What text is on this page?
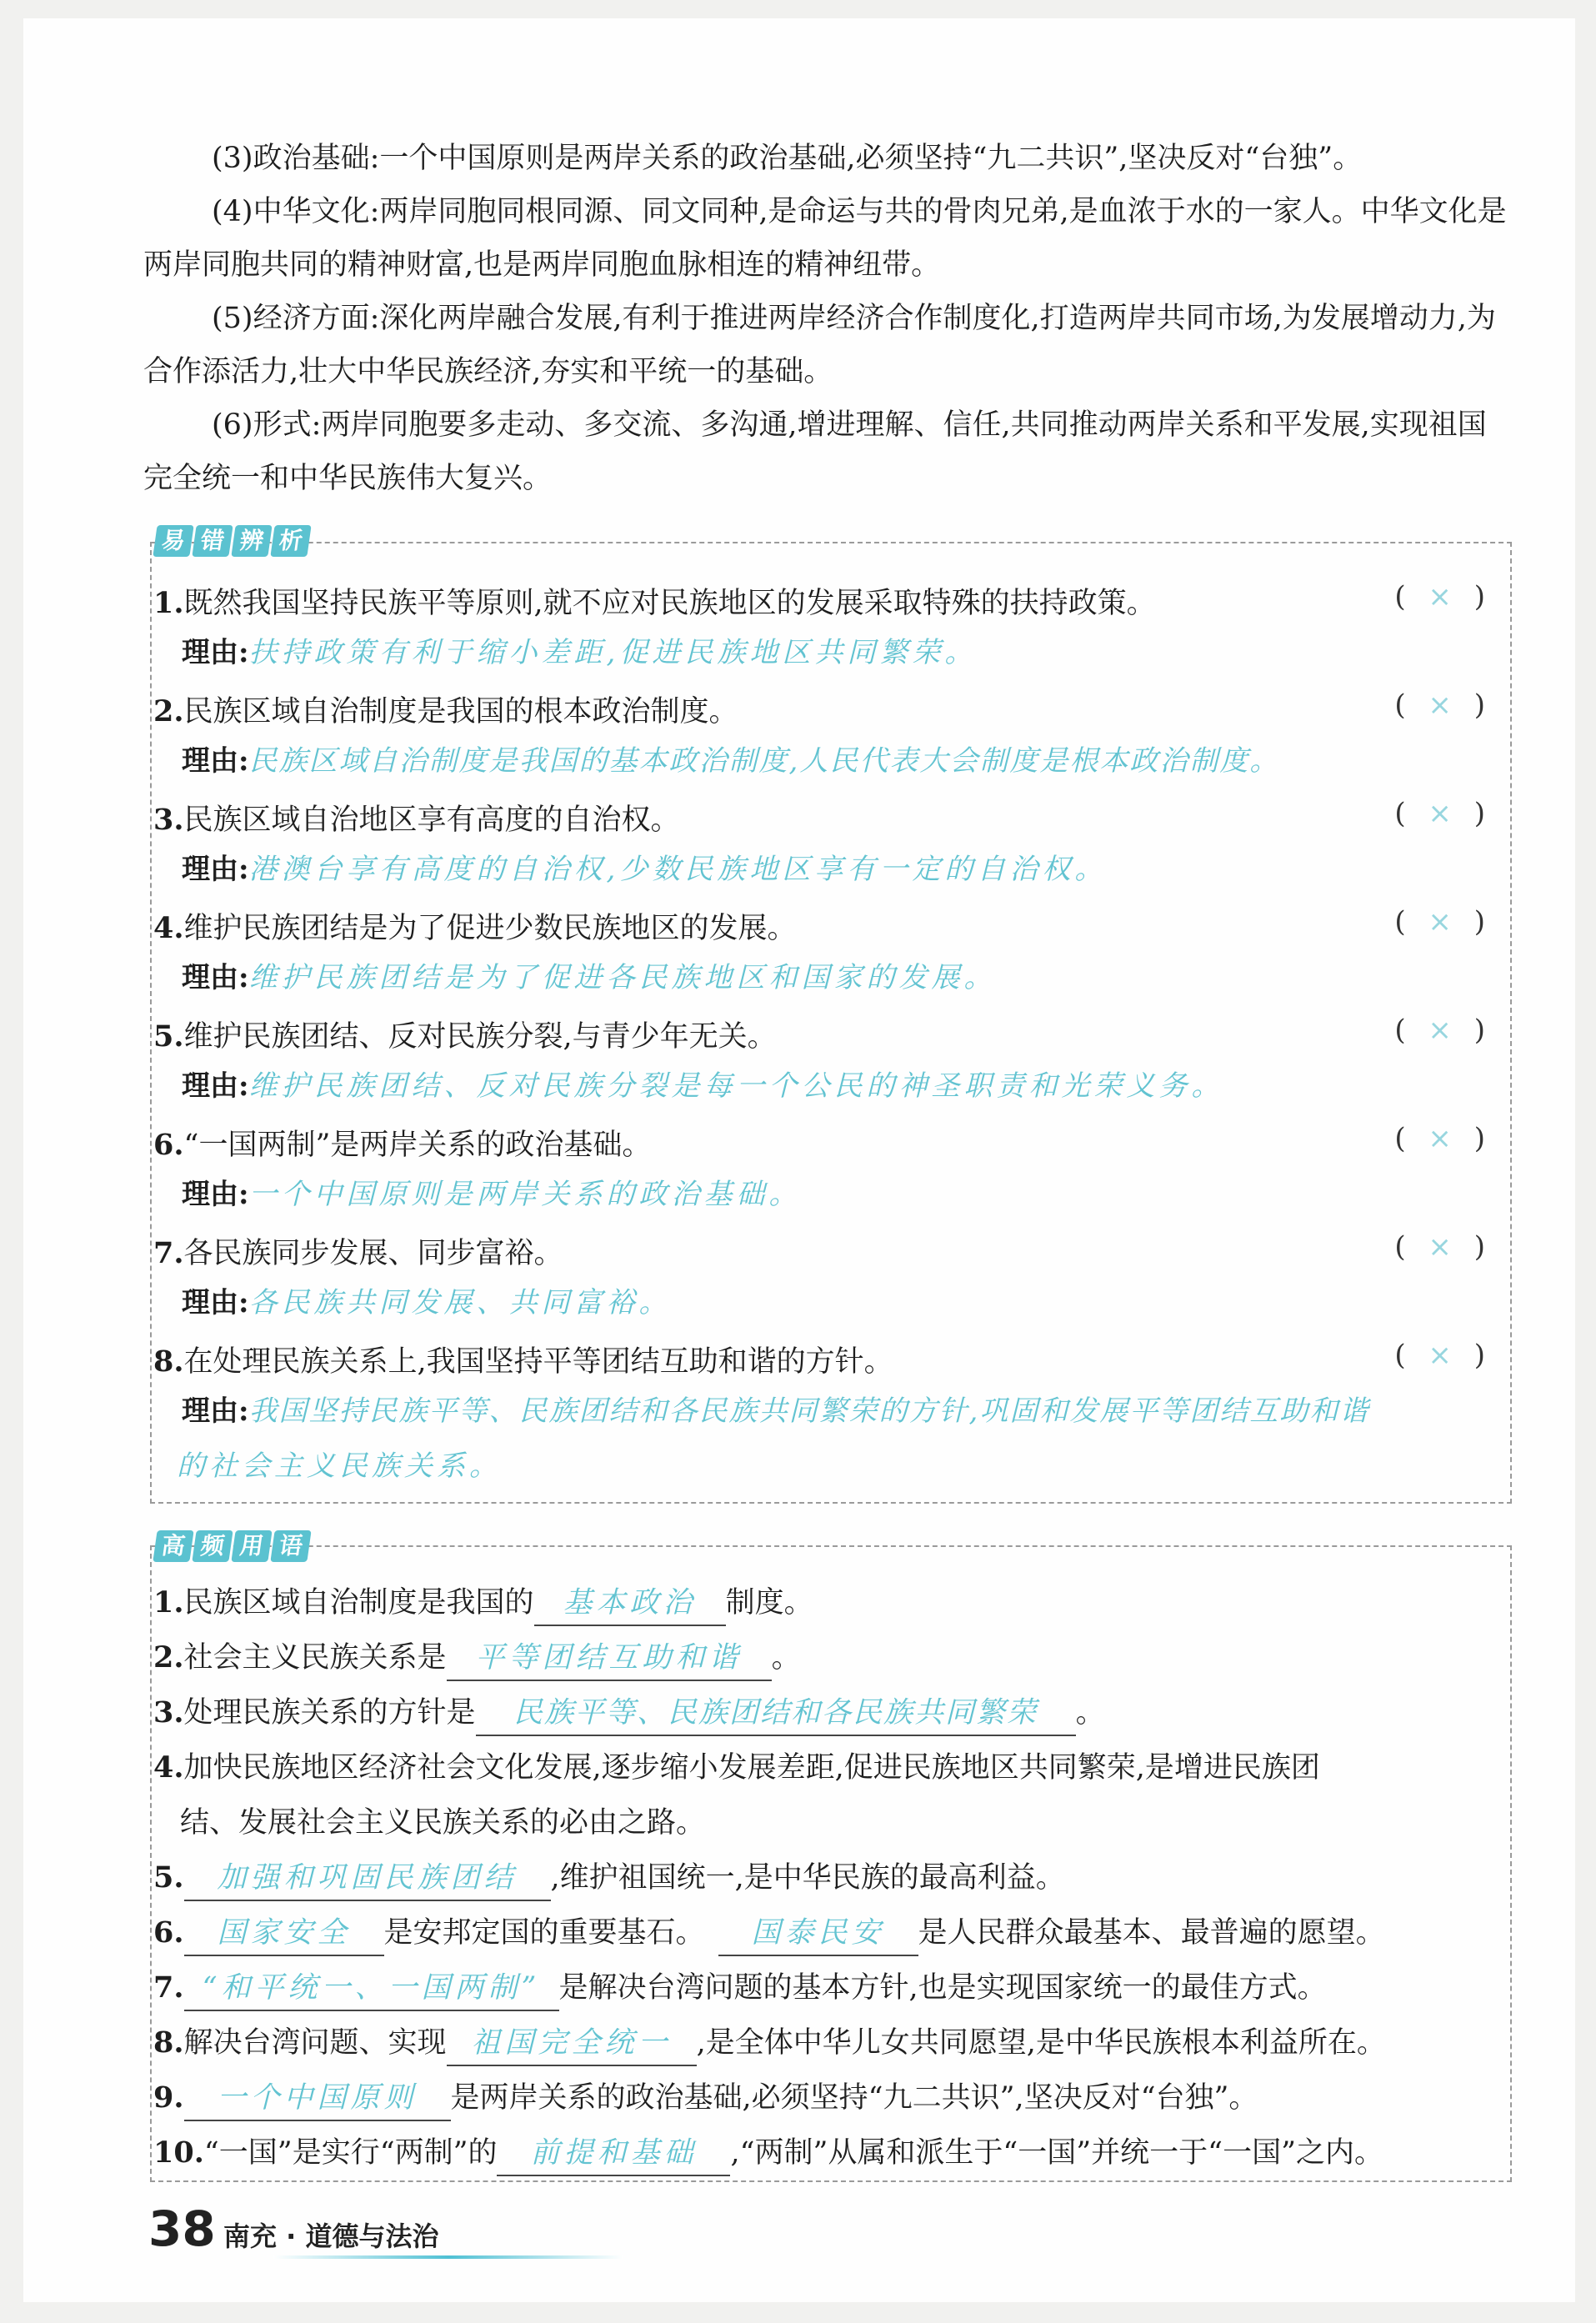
(3)政治基础:一个中国原则是两岸关系的政治基础,必须坚持“九二共识”,坚决反对“台独”。

(4)中华文化:两岸同胞同根同源、同文同种,是命运与共的骨肉兄弟,是血浓于水的一家人。中华文化是两岸同胞共同的精神财富,也是两岸同胞血脉相连的精神纽带。

(5)经济方面:深化两岸融合发展,有利于推进两岸经济合作制度化,打造两岸共同市场,为发展增动力,为合作添活力,壮大中华民族经济,夯实和平统一的基础。

(6)形式:两岸同胞要多走动、多交流、多沟通,增进理解、信任,共同推动两岸关系和平发展,实现祖国完全统一和中华民族伟大复兴。

易 错 辨 析
1.既然我国坚持民族平等原则,就不应对民族地区的发展采取特殊的扶持政策。	( × )
理由:扶持政策有利于缩小差距,促进民族地区共同繁荣。
2.民族区域自治制度是我国的根本政治制度。	( × )
理由:民族区域自治制度是我国的基本政治制度,人民代表大会制度是根本政治制度。
3.民族区域自治地区享有高度的自治权。	( × )
理由:港澳台享有高度的自治权,少数民族地区享有一定的自治权。
4.维护民族团结是为了促进少数民族地区的发展。	( × )
理由:维护民族团结是为了促进各民族地区和国家的发展。
5.维护民族团结、反对民族分裂,与青少年无关。	( × )
理由:维护民族团结、反对民族分裂是每一个公民的神圣职责和光荣义务。
6.“一国两制”是两岸关系的政治基础。	( × )
理由:一个中国原则是两岸关系的政治基础。
7.各民族同步发展、同步富裕。	( × )
理由:各民族共同发展、共同富裕。
8.在处理民族关系上,我国坚持平等团结互助和谐的方针。	( × )
理由:我国坚持民族平等、民族团结和各民族共同繁荣的方针,巩固和发展平等团结互助和谐
的社会主义民族关系。
高 频 用 语
1.民族区域自治制度是我国的 基本政治 制度。
2.社会主义民族关系是 平等团结互助和谐 。
3.处理民族关系的方针是 民族平等、民族团结和各民族共同繁荣 。
4.加快民族地区经济社会文化发展,逐步缩小发展差距,促进民族地区共同繁荣,是增进民族团
结、发展社会主义民族关系的必由之路。
5. 加强和巩固民族团结 ,维护祖国统一,是中华民族的最高利益。
6. 国家安全 是安邦定国的重要基石。 国泰民安 是人民群众最基本、最普遍的愿望。
7. “和平统一、一国两制” 是解决台湾问题的基本方针,也是实现国家统一的最佳方式。
8.解决台湾问题、实现 祖国完全统一 ,是全体中华儿女共同愿望,是中华民族根本利益所在。
9. 一个中国原则 是两岸关系的政治基础,必须坚持“九二共识”,坚决反对“台独”。
10.“一国”是实行“两制”的 前提和基础 ,“两制”从属和派生于“一国”并统一于“一国”之内。
38 南充 · 道德与法治
